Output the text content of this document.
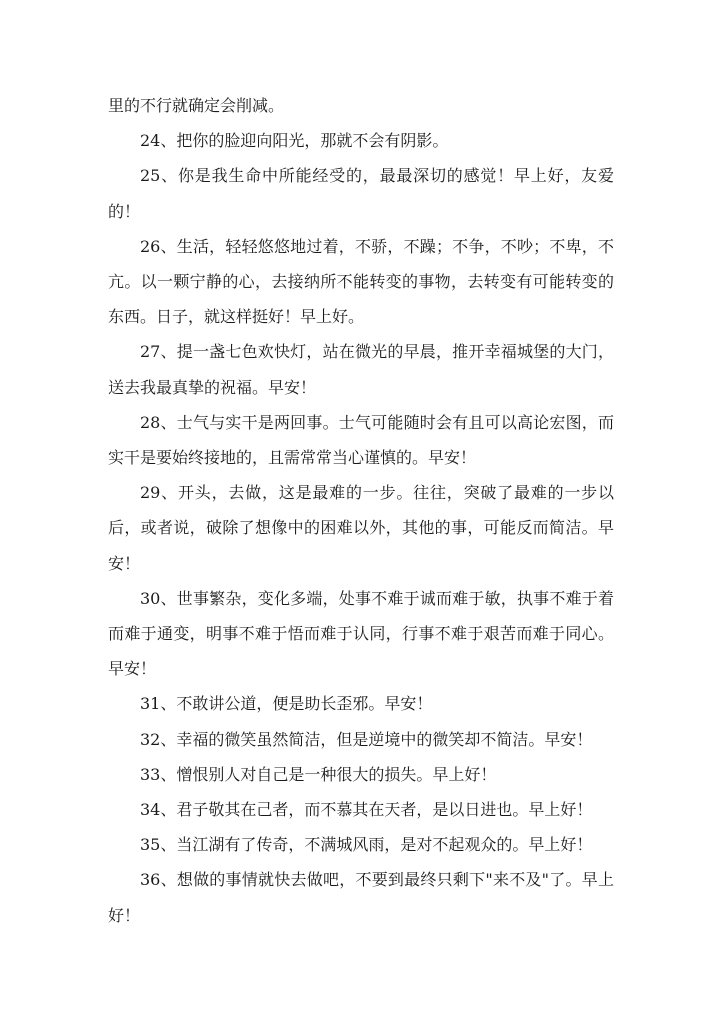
里的不行就确定会削减。

24、把你的脸迎向阳光，那就不会有阴影。

25、你是我生命中所能经受的，最最深切的感觉！早上好，友爱的！

26、生活，轻轻悠悠地过着，不骄，不躁；不争，不吵；不卑，不亢。以一颗宁静的心，去接纳所不能转变的事物，去转变有可能转变的东西。日子，就这样挺好！早上好。

27、提一盏七色欢快灯，站在微光的早晨，推开幸福城堡的大门，送去我最真挚的祝福。早安！

28、士气与实干是两回事。士气可能随时会有且可以高论宏图，而实干是要始终接地的，且需常常当心谨慎的。早安！

29、开头，去做，这是最难的一步。往往，突破了最难的一步以后，或者说，破除了想像中的困难以外，其他的事，可能反而简洁。早安！

30、世事繁杂，变化多端，处事不难于诚而难于敏，执事不难于着而难于通变，明事不难于悟而难于认同，行事不难于艰苦而难于同心。早安！

31、不敢讲公道，便是助长歪邪。早安！

32、幸福的微笑虽然简洁，但是逆境中的微笑却不简洁。早安！

33、憎恨别人对自己是一种很大的损失。早上好！

34、君子敬其在己者，而不慕其在天者，是以日进也。早上好！

35、当江湖有了传奇，不满城风雨，是对不起观众的。早上好！

36、想做的事情就快去做吧，不要到最终只剩下"来不及"了。早上好！
